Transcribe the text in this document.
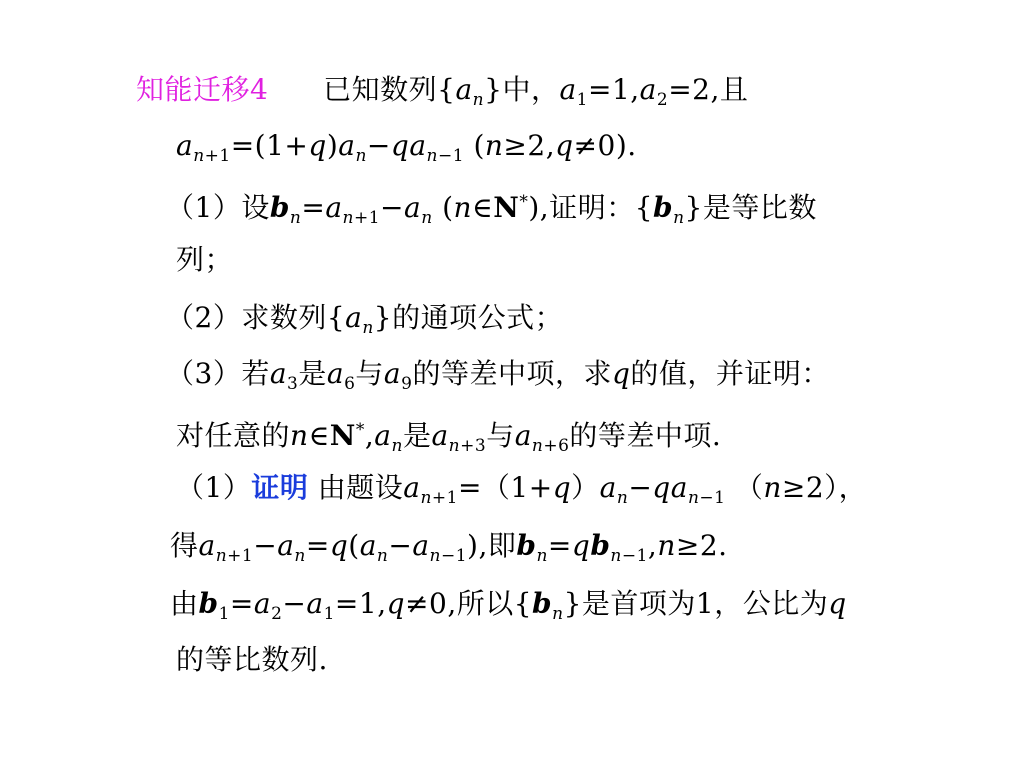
知能迁移4 已知数列$\{a_n\}$中，$a_1=1,a_2=2$,且
$a_{n+1}=(1+q)a_n-qa_{n-1}$ (n≥2,q≠0).
（1）设$b_n=a_{n+1}-a_n$ (n∈N*),证明：$\{b_n\}$是等比数
列；
（2）求数列$\{a_n\}$的通项公式；
（3）若$a_3$是$a_6$与$a_9$的等差中项，求q的值，并证明：
对任意的$n\in N^*,a_n$是$a_{n+3}$与$a_{n+6}$的等差中项.
（1）证明 由题设$a_{n+1}=(1+q)a_n-qa_{n-1}$ （n≥2），
得$a_{n+1}-a_n=q(a_n-a_{n-1})$,即$b_n=qb_{n-1},n\ge 2$.
由$b_1=a_2-a_1=1,q\ne 0$,所以$\{b_n\}$是首项为1，公比为q
的等比数列.
